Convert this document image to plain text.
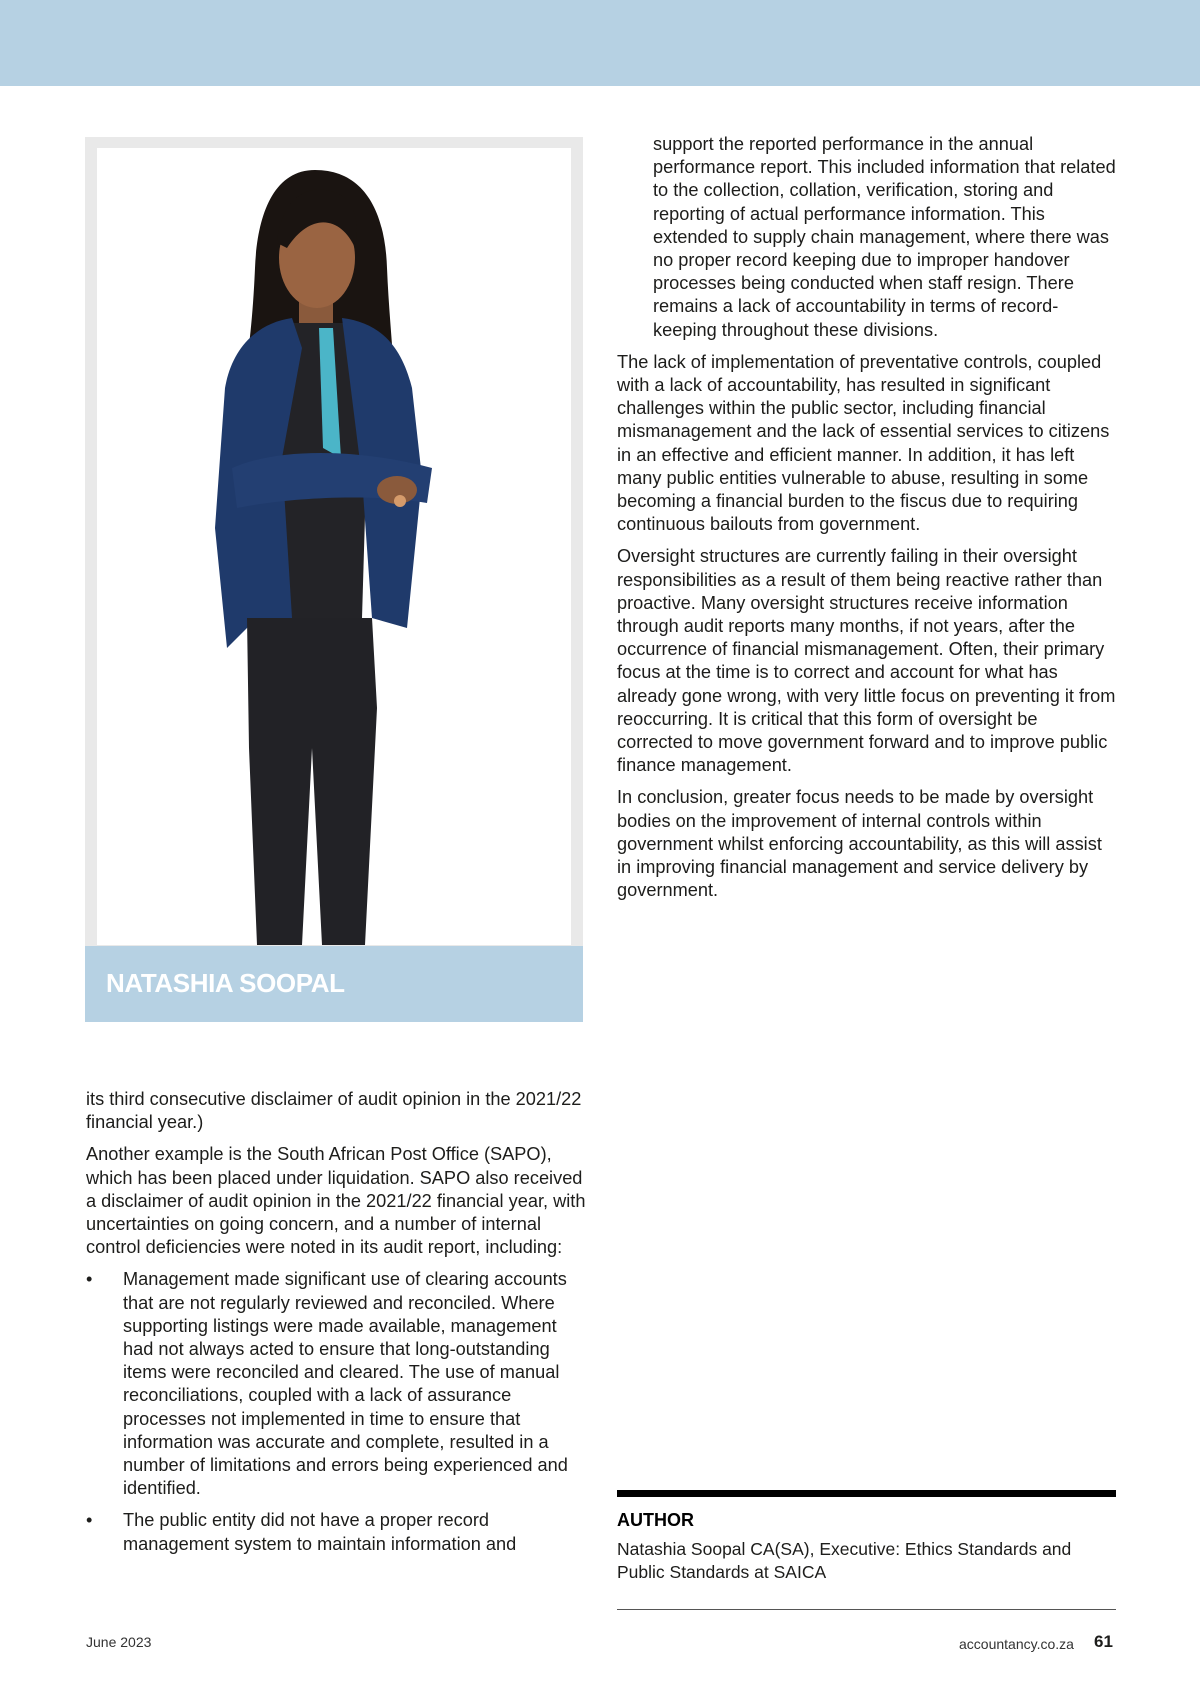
NATASHIA SOOPAL
support the reported performance in the annual performance report. This included information that related to the collection, collation, verification, storing and reporting of actual performance information. This extended to supply chain management, where there was no proper record keeping due to improper handover processes being conducted when staff resign. There remains a lack of accountability in terms of record-keeping throughout these divisions.

The lack of implementation of preventative controls, coupled with a lack of accountability, has resulted in significant challenges within the public sector, including financial mismanagement and the lack of essential services to citizens in an effective and efficient manner. In addition, it has left many public entities vulnerable to abuse, resulting in some becoming a financial burden to the fiscus due to requiring continuous bailouts from government.

Oversight structures are currently failing in their oversight responsibilities as a result of them being reactive rather than proactive. Many oversight structures receive information through audit reports many months, if not years, after the occurrence of financial mismanagement. Often, their primary focus at the time is to correct and account for what has already gone wrong, with very little focus on preventing it from reoccurring. It is critical that this form of oversight be corrected to move government forward and to improve public finance management.

In conclusion, greater focus needs to be made by oversight bodies on the improvement of internal controls within government whilst enforcing accountability, as this will assist in improving financial management and service delivery by government.

its third consecutive disclaimer of audit opinion in the 2021/22 financial year.)

Another example is the South African Post Office (SAPO), which has been placed under liquidation. SAPO also received a disclaimer of audit opinion in the 2021/22 financial year, with uncertainties on going concern, and a number of internal control deficiencies were noted in its audit report, including:

• Management made significant use of clearing accounts that are not regularly reviewed and reconciled. Where supporting listings were made available, management had not always acted to ensure that long-outstanding items were reconciled and cleared. The use of manual reconciliations, coupled with a lack of assurance processes not implemented in time to ensure that information was accurate and complete, resulted in a number of limitations and errors being experienced and identified.
• The public entity did not have a proper record management system to maintain information and
AUTHOR
Natashia Soopal CA(SA), Executive: Ethics Standards and Public Standards at SAICA
June 2023	accountancy.co.za 61
